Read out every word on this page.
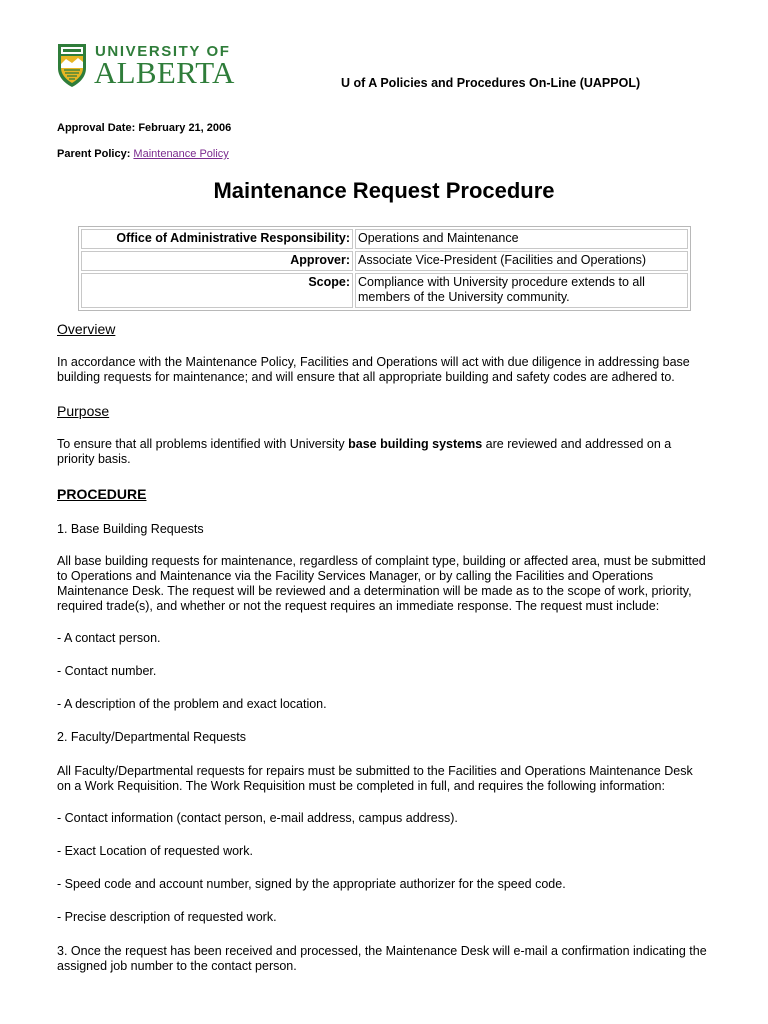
UNIVERSITY OF
ALBERTA	U of A Policies and Procedures On-Line (UAPPOL)
Approval Date: February 21, 2006
Parent Policy: Maintenance Policy
Maintenance Request Procedure
Office of Administrative Responsibility:	Operations and Maintenance
Approver:	Associate Vice-President (Facilities and Operations)
Scope:	Compliance with University procedure extends to all
members of the University community.
Overview
In accordance with the Maintenance Policy, Facilities and Operations will act with due diligence in addressing base
building requests for maintenance; and will ensure that all appropriate building and safety codes are adhered to.
Purpose
To ensure that all problems identified with University base building systems are reviewed and addressed on a
priority basis.
PROCEDURE
1. Base Building Requests
All base building requests for maintenance, regardless of complaint type, building or affected area, must be submitted
to Operations and Maintenance via the Facility Services Manager, or by calling the Facilities and Operations
Maintenance Desk. The request will be reviewed and a determination will be made as to the scope of work, priority,
required trade(s), and whether or not the request requires an immediate response. The request must include:
- A contact person.
- Contact number.
- A description of the problem and exact location.
2. Faculty/Departmental Requests
All Faculty/Departmental requests for repairs must be submitted to the Facilities and Operations Maintenance Desk
on a Work Requisition. The Work Requisition must be completed in full, and requires the following information:
- Contact information (contact person, e-mail address, campus address).
- Exact Location of requested work.
- Speed code and account number, signed by the appropriate authorizer for the speed code.
- Precise description of requested work.
3. Once the request has been received and processed, the Maintenance Desk will e-mail a confirmation indicating the
assigned job number to the contact person.
